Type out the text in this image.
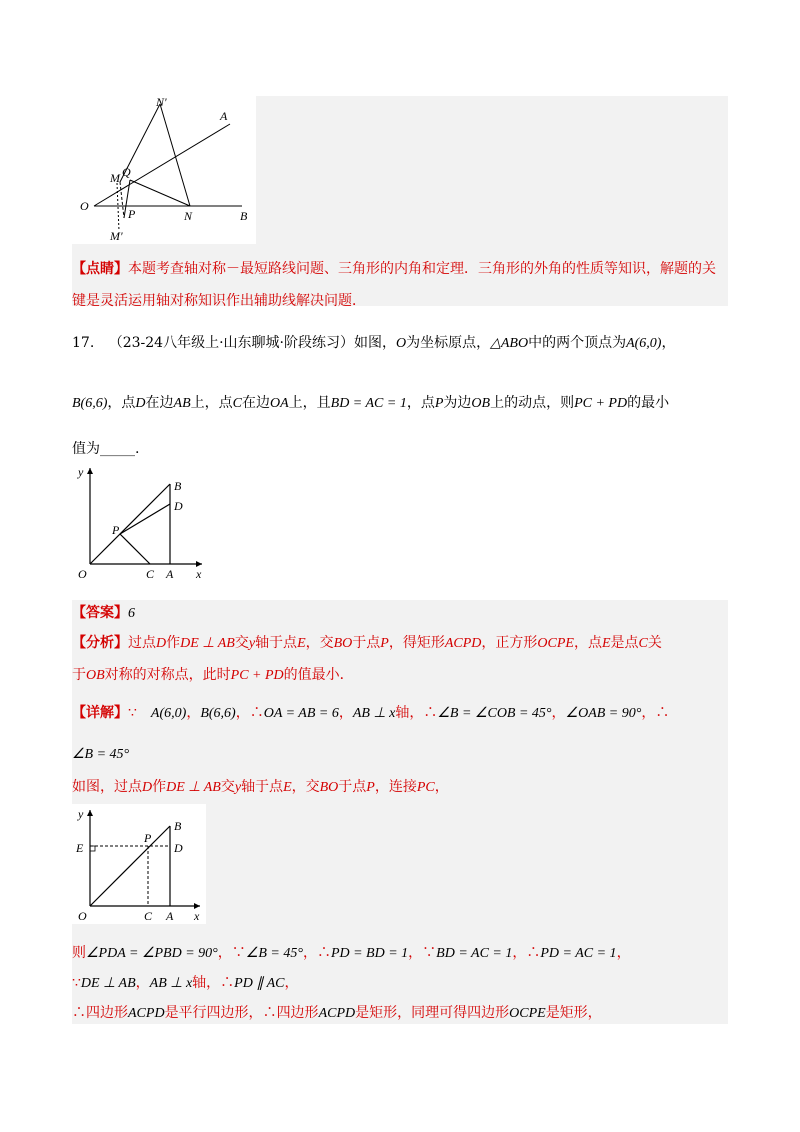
N'
A
M Q
O
P	N	B
M'
【点睛】本题考查轴对称－最短路线问题、三角形的内角和定理．三角形的外角的性质等知识，解题的关
键是灵活运用轴对称知识作出辅助线解决问题．
17. （23-24八年级上·山东聊城·阶段练习）如图，O为坐标原点，△ABO中的两个顶点为A(6,0)，
B(6,6)，点D在边AB上，点C在边OA上，且BD = AC = 1，点P为边OB上的动点，则PC + PD的最小
值为_____.
y
B
D
P
O	C A x
【答案】6
【分析】过点D作DE ⊥ AB交y轴于点E，交BO于点P，得矩形ACPD，正方形OCPE，点E是点C关
于OB对称的对称点，此时PC + PD的值最小．
【详解】∵ A(6,0)，B(6,6)，∴OA = AB = 6，AB ⊥ x轴，∴∠B = ∠COB = 45°，∠OAB = 90°，∴
∠B = 45°
如图，过点D作DE ⊥ AB交y轴于点E，交BO于点P，连接PC，
y
B
P
E	D
O	C A x
则∠PDA = ∠PBD = 90°，∵∠B = 45°，∴PD = BD = 1，∵BD = AC = 1，∴PD = AC = 1，
∵DE ⊥ AB，AB ⊥ x轴，∴PD ∥ AC，
∴四边形ACPD是平行四边形，∴四边形ACPD是矩形，同理可得四边形OCPE是矩形，
